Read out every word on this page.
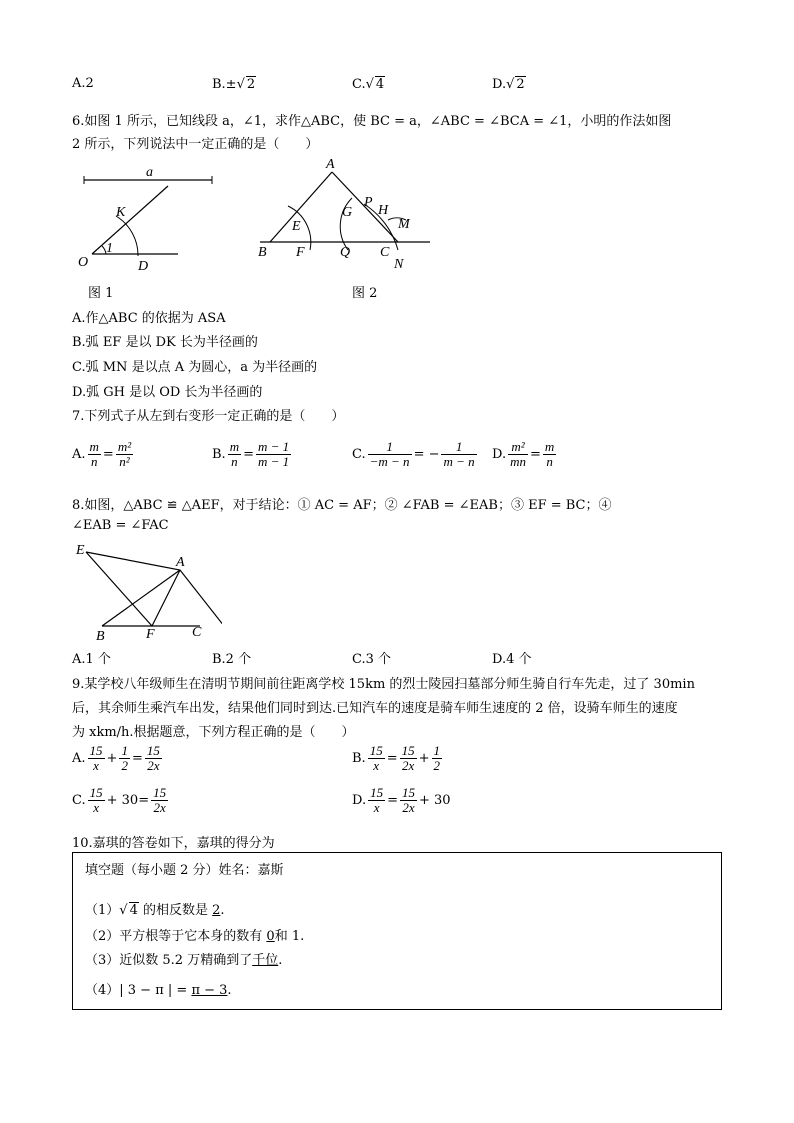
A.2	B.±√ 2	C.√ 4	D.√ 2
6.如图 1 所示，已知线段 a，∠1，求作△ABC，使 BC = a，∠ABC = ∠BCA = ∠1，小明的作法如图
2 所示，下列说法中一定正确的是（　　）
a
K
1
O	D
图 1
A
E
G
P
H
M
B F	Q C
N
图 2
A.作△ABC 的依据为 ASA
B.弧 EF 是以 DK 长为半径画的
C.弧 MN 是以点 A 为圆心，a 为半径画的
D.弧 GH 是以 OD 长为半径画的
7.下列式子从左到右变形一定正确的是（　　）
A. $\frac{m}{n} = \frac{\text{m²}}{\text{n²}}$	B. $\frac{m}{n} = \frac{m - 1}{m - 1}$	C. $\frac{1}{-m - n}$ = − $\frac{1}{m - n} D$. $\frac{\text{m²}}{mn} = \frac{m}{n}$
8.如图，△ABC ≌ △AEF，对于结论：① AC = AF；② ∠FAB = ∠EAB；③ EF = BC；④
∠EAB = ∠FAC
E
A
B	F	C
A.1 个	B.2 个	C.3 个	D.4 个
9.某学校八年级师生在清明节期间前往距离学校 15km 的烈士陵园扫墓部分师生骑自行车先走，过了 30min
后，其余师生乘汽车出发，结果他们同时到达.已知汽车的速度是骑车师生速度的 2 倍，设骑车师生的速度
为 xkm/h.根据题意，下列方程正确的是（　　）
A. $\frac{15}{x} + \frac{1}{2} = \frac{15}{2x}$	B. $\frac{15}{x} = \frac{15}{2x} + \frac{1}{2}$
C. $\frac{15}{x} + 30 = \frac{15}{2x}$	D. $\frac{15}{x} = \frac{15}{2x} + 30$
10.嘉琪的答卷如下，嘉琪的得分为
填空题（每小题 2 分）姓名：嘉斯
（1）√ 4 的相反数是 2.
（2）平方根等于它本身的数有 0和 1.
（3）近似数 5.2 万精确到了千位.
（4）| 3 − π | = π − 3.
